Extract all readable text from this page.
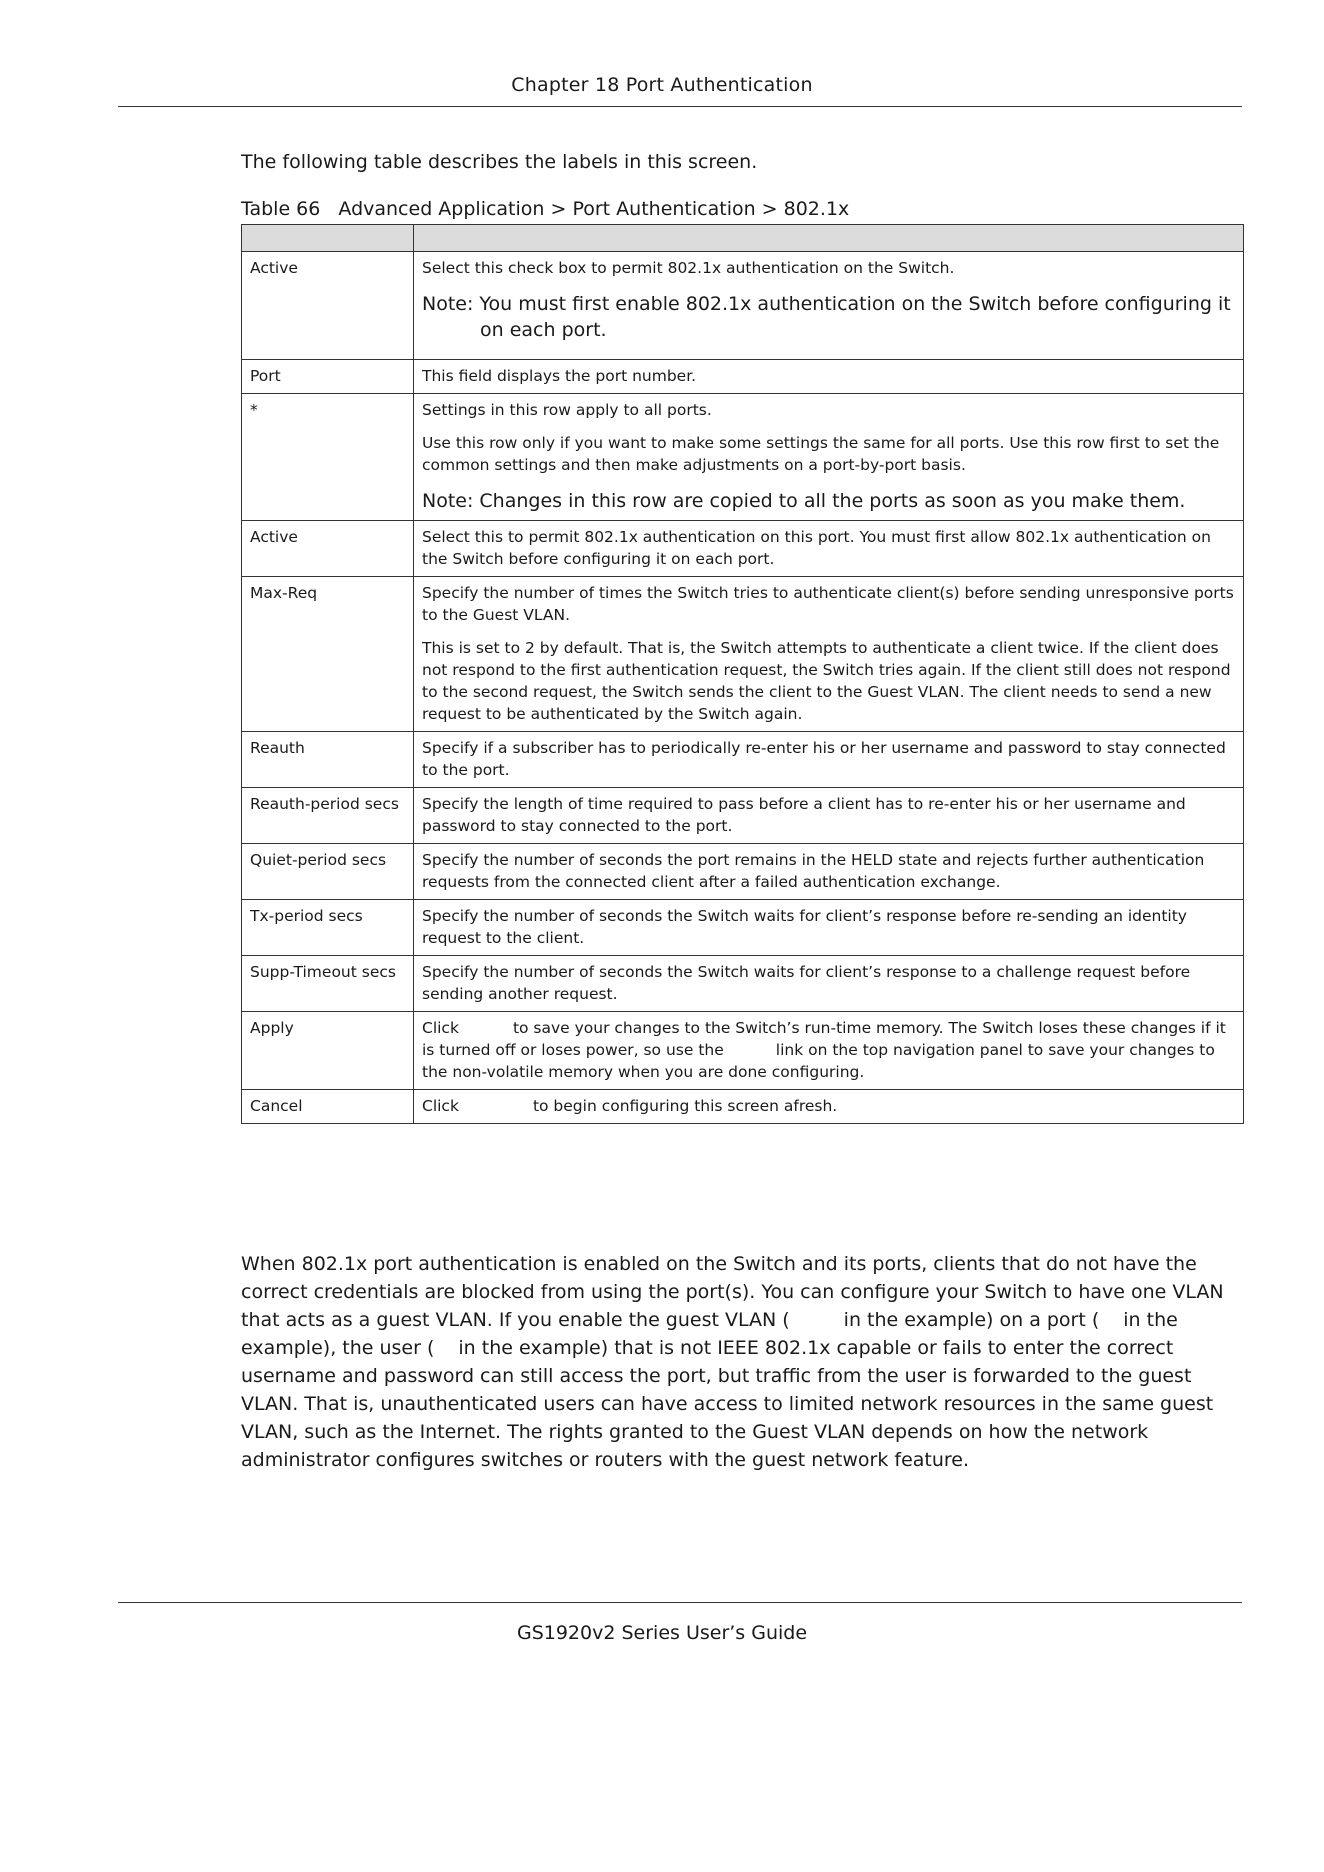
Chapter 18 Port Authentication
The following table describes the labels in this screen.
Table 66 Advanced Application > Port Authentication > 802.1x

Active	Select this check box to permit 802.1x authentication on the Switch.
Note: You must first enable 802.1x authentication on the Switch before configuring it
on each port.

Port	This field displays the port number.
*	Settings in this row apply to all ports.
Use this row only if you want to make some settings the same for all ports. Use this row first to set the common settings and then make adjustments on a port-by-port basis.
Note: Changes in this row are copied to all the ports as soon as you make them.

Active	Select this to permit 802.1x authentication on this port. You must first allow 802.1x authentication on the Switch before configuring it on each port.
Max-Req	Specify the number of times the Switch tries to authenticate client(s) before sending unresponsive ports to the Guest VLAN.
This is set to 2 by default. That is, the Switch attempts to authenticate a client twice. If the client does not respond to the first authentication request, the Switch tries again. If the client still does not respond to the second request, the Switch sends the client to the Guest VLAN. The client needs to send a new request to be authenticated by the Switch again.

Reauth	Specify if a subscriber has to periodically re-enter his or her username and password to stay connected to the port.
Reauth-period secs	Specify the length of time required to pass before a client has to re-enter his or her username and password to stay connected to the port.
Quiet-period secs	Specify the number of seconds the port remains in the HELD state and rejects further authentication requests from the connected client after a failed authentication exchange.
Tx-period secs	Specify the number of seconds the Switch waits for client’s response before re-sending an identity request to the client.
Supp-Timeout secs	Specify the number of seconds the Switch waits for client’s response to a challenge request before sending another request.
Apply	Click to save your changes to the Switch’s run-time memory. The Switch loses these changes if it is turned off or loses power, so use the link on the top navigation panel to save your changes to the non-volatile memory when you are done configuring.
Cancel	Click to begin configuring this screen afresh.
When 802.1x port authentication is enabled on the Switch and its ports, clients that do not have the correct credentials are blocked from using the port(s). You can configure your Switch to have one VLAN that acts as a guest VLAN. If you enable the guest VLAN (	in the example) on a port ( in the example), the user ( in the example) that is not IEEE 802.1x capable or fails to enter the correct username and password can still access the port, but traffic from the user is forwarded to the guest VLAN. That is, unauthenticated users can have access to limited network resources in the same guest VLAN, such as the Internet. The rights granted to the Guest VLAN depends on how the network administrator configures switches or routers with the guest network feature.
GS1920v2 Series User’s Guide
